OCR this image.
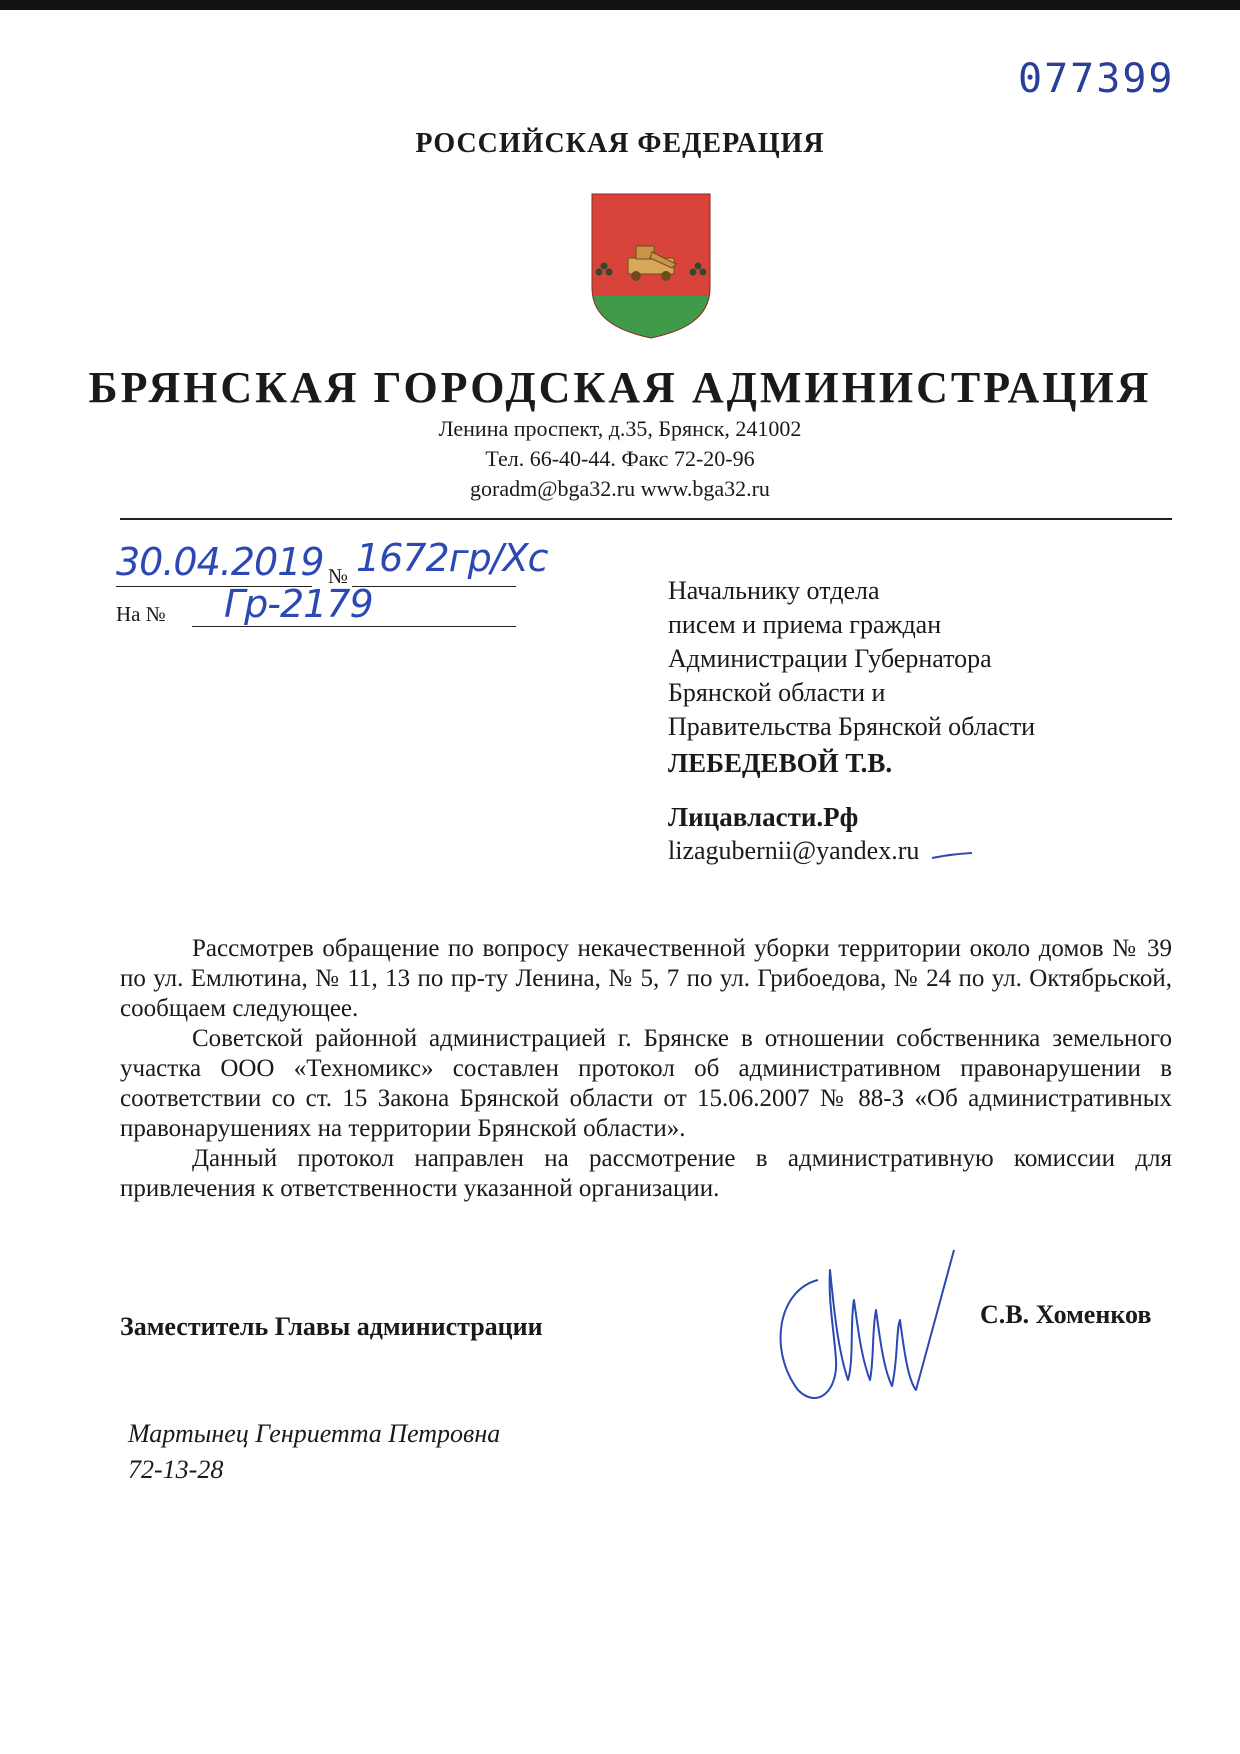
077399
РОССИЙСКАЯ ФЕДЕРАЦИЯ
БРЯНСКАЯ ГОРОДСКАЯ АДМИНИСТРАЦИЯ
Ленина проспект, д.35, Брянск, 241002
Тел. 66-40-44. Факс 72-20-96
goradm@bga32.ru www.bga32.ru
30.04.2019 № 1672гр/Хс
На № Гр-2179	Начальнику отдела
писем и приема граждан
Администрации Губернатора
Брянской области и
Правительства Брянской области
ЛЕБЕДЕВОЙ Т.В.
Лицавласти.Рф
lizagubernii@yandex.ru

Рассмотрев обращение по вопросу некачественной уборки территории около домов № 39 по ул. Емлютина, № 11, 13 по пр-ту Ленина, № 5, 7 по ул. Грибоедова, № 24 по ул. Октябрьской, сообщаем следующее.

Советской районной администрацией г. Брянске в отношении собственника земельного участка ООО «Техномикс» составлен протокол об административном правонарушении в соответствии со ст. 15 Закона Брянской области от 15.06.2007 № 88-З «Об административных правонарушениях на территории Брянской области».

Данный протокол направлен на рассмотрение в административную комиссии для привлечения к ответственности указанной организации.

Заместитель Главы администрации	С.В. Хоменков
Мартынец Генриетта Петровна
72-13-28
